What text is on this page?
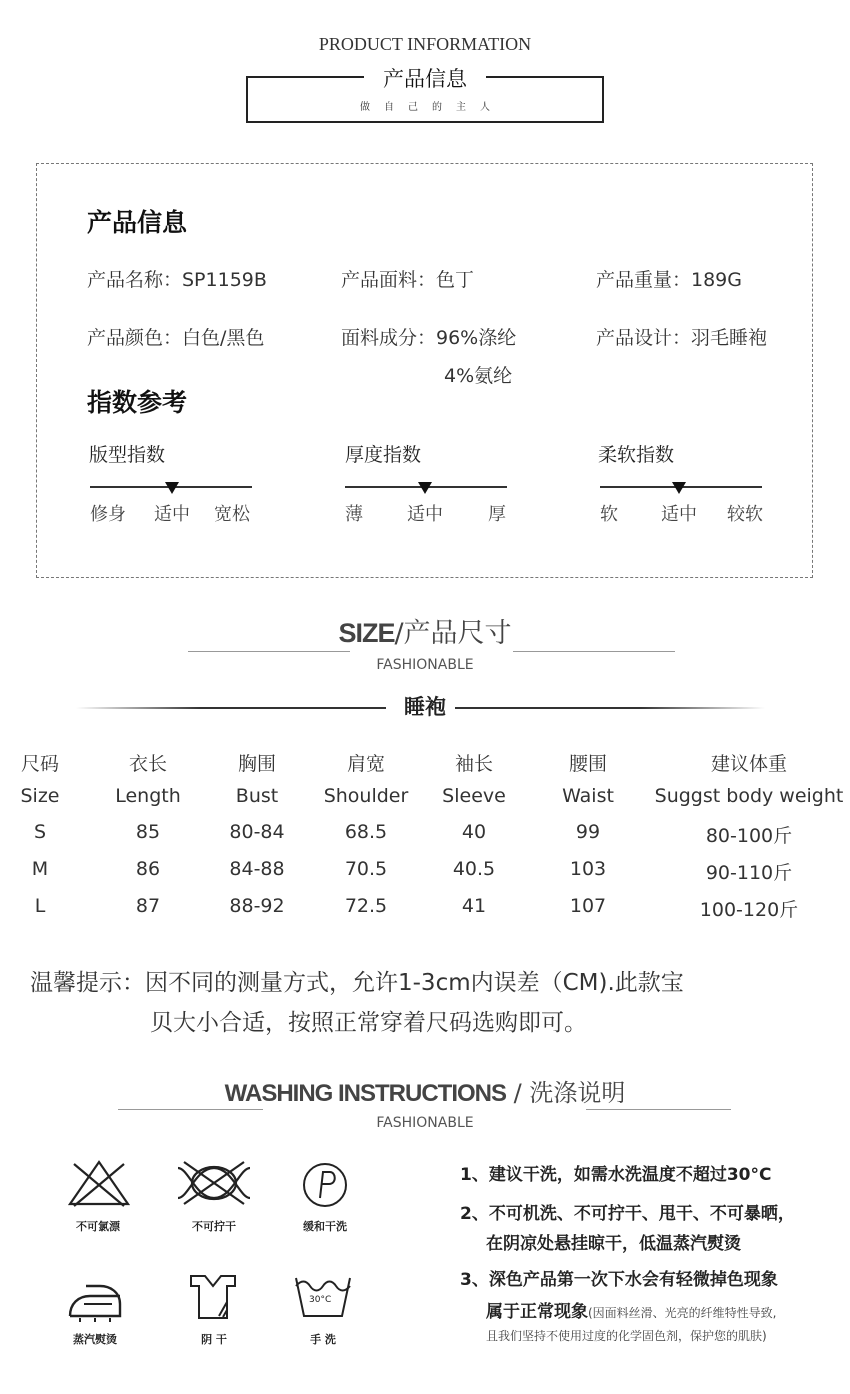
PRODUCT INFORMATION
产品信息
做自己的主人
产品信息
产品名称：SP1159B	产品面料：色丁	产品重量：189G
产品颜色：白色/黑色	面料成分：96%涤纶
4%氨纶
产品设计：羽毛睡袍
指数参考
版型指数
修身 适中 宽松
厚度指数
薄 适中	厚
柔软指数
软 适中 较软
SIZE/产品尺寸
FASHIONABLE
睡袍
尺码	衣长	胸围	肩宽	袖长	腰围	建议体重
Size	Length	Bust	Shoulder	Sleeve	Waist	Suggst body weight
S	85	80-84	68.5	40	99	80-100斤
M	86	84-88	70.5	40.5	103	90-110斤
L	87	88-92	72.5	41	107	100-120斤
温馨提示：因不同的测量方式，允许1-3cm内误差（CM).此款宝
贝大小合适，按照正常穿着尺码选购即可。
WASHING INSTRUCTIONS / 洗涤说明
FASHIONABLE
不可氯漂	不可拧干	缓和干洗
蒸汽熨烫	阴 干
30°C
手 洗
1、建议干洗，如需水洗温度不超过30°C
2、不可机洗、不可拧干、甩干、不可暴晒，
在阴凉处悬挂晾干，低温蒸汽熨烫
3、深色产品第一次下水会有轻微掉色现象
属于正常现象(因面料丝滑、光亮的纤维特性导致,
且我们坚持不使用过度的化学固色剂，保护您的肌肤)
